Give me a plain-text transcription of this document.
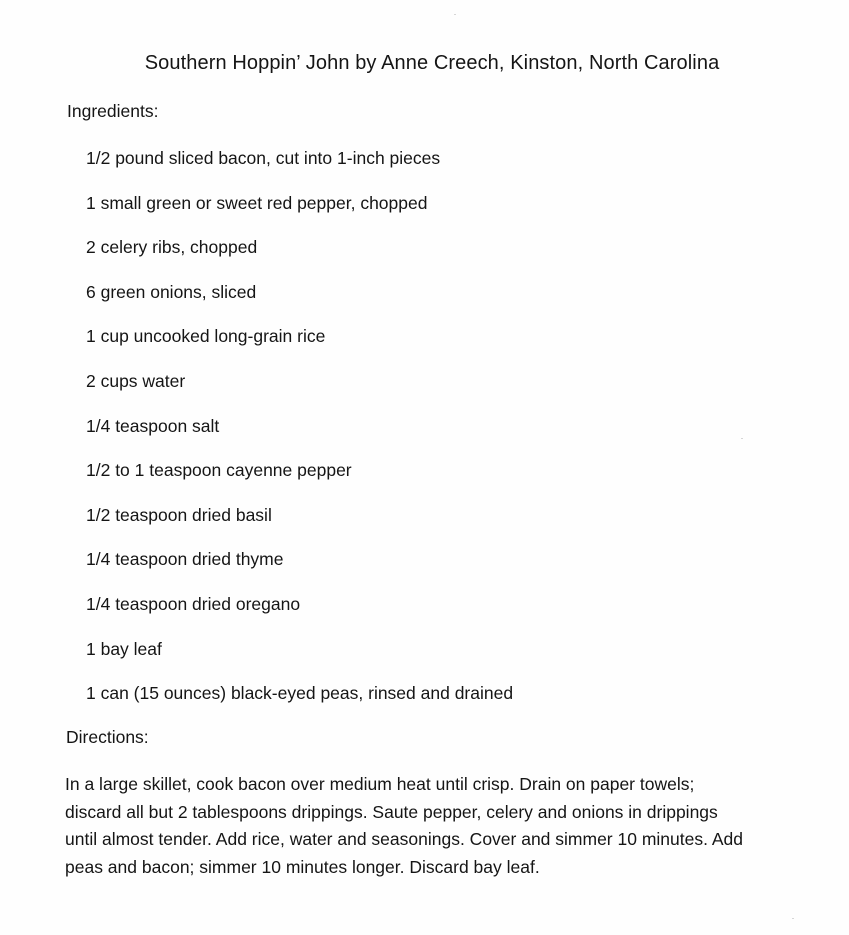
Southern Hoppin’ John by Anne Creech, Kinston, North Carolina
Ingredients:
1/2 pound sliced bacon, cut into 1-inch pieces
1 small green or sweet red pepper, chopped
2 celery ribs, chopped
6 green onions, sliced
1 cup uncooked long-grain rice
2 cups water
1/4 teaspoon salt
1/2 to 1 teaspoon cayenne pepper
1/2 teaspoon dried basil
1/4 teaspoon dried thyme
1/4 teaspoon dried oregano
1 bay leaf
1 can (15 ounces) black-eyed peas, rinsed and drained
Directions:
In a large skillet, cook bacon over medium heat until crisp. Drain on paper towels;
discard all but 2 tablespoons drippings. Saute pepper, celery and onions in drippings
until almost tender. Add rice, water and seasonings. Cover and simmer 10 minutes. Add
peas and bacon; simmer 10 minutes longer. Discard bay leaf.
